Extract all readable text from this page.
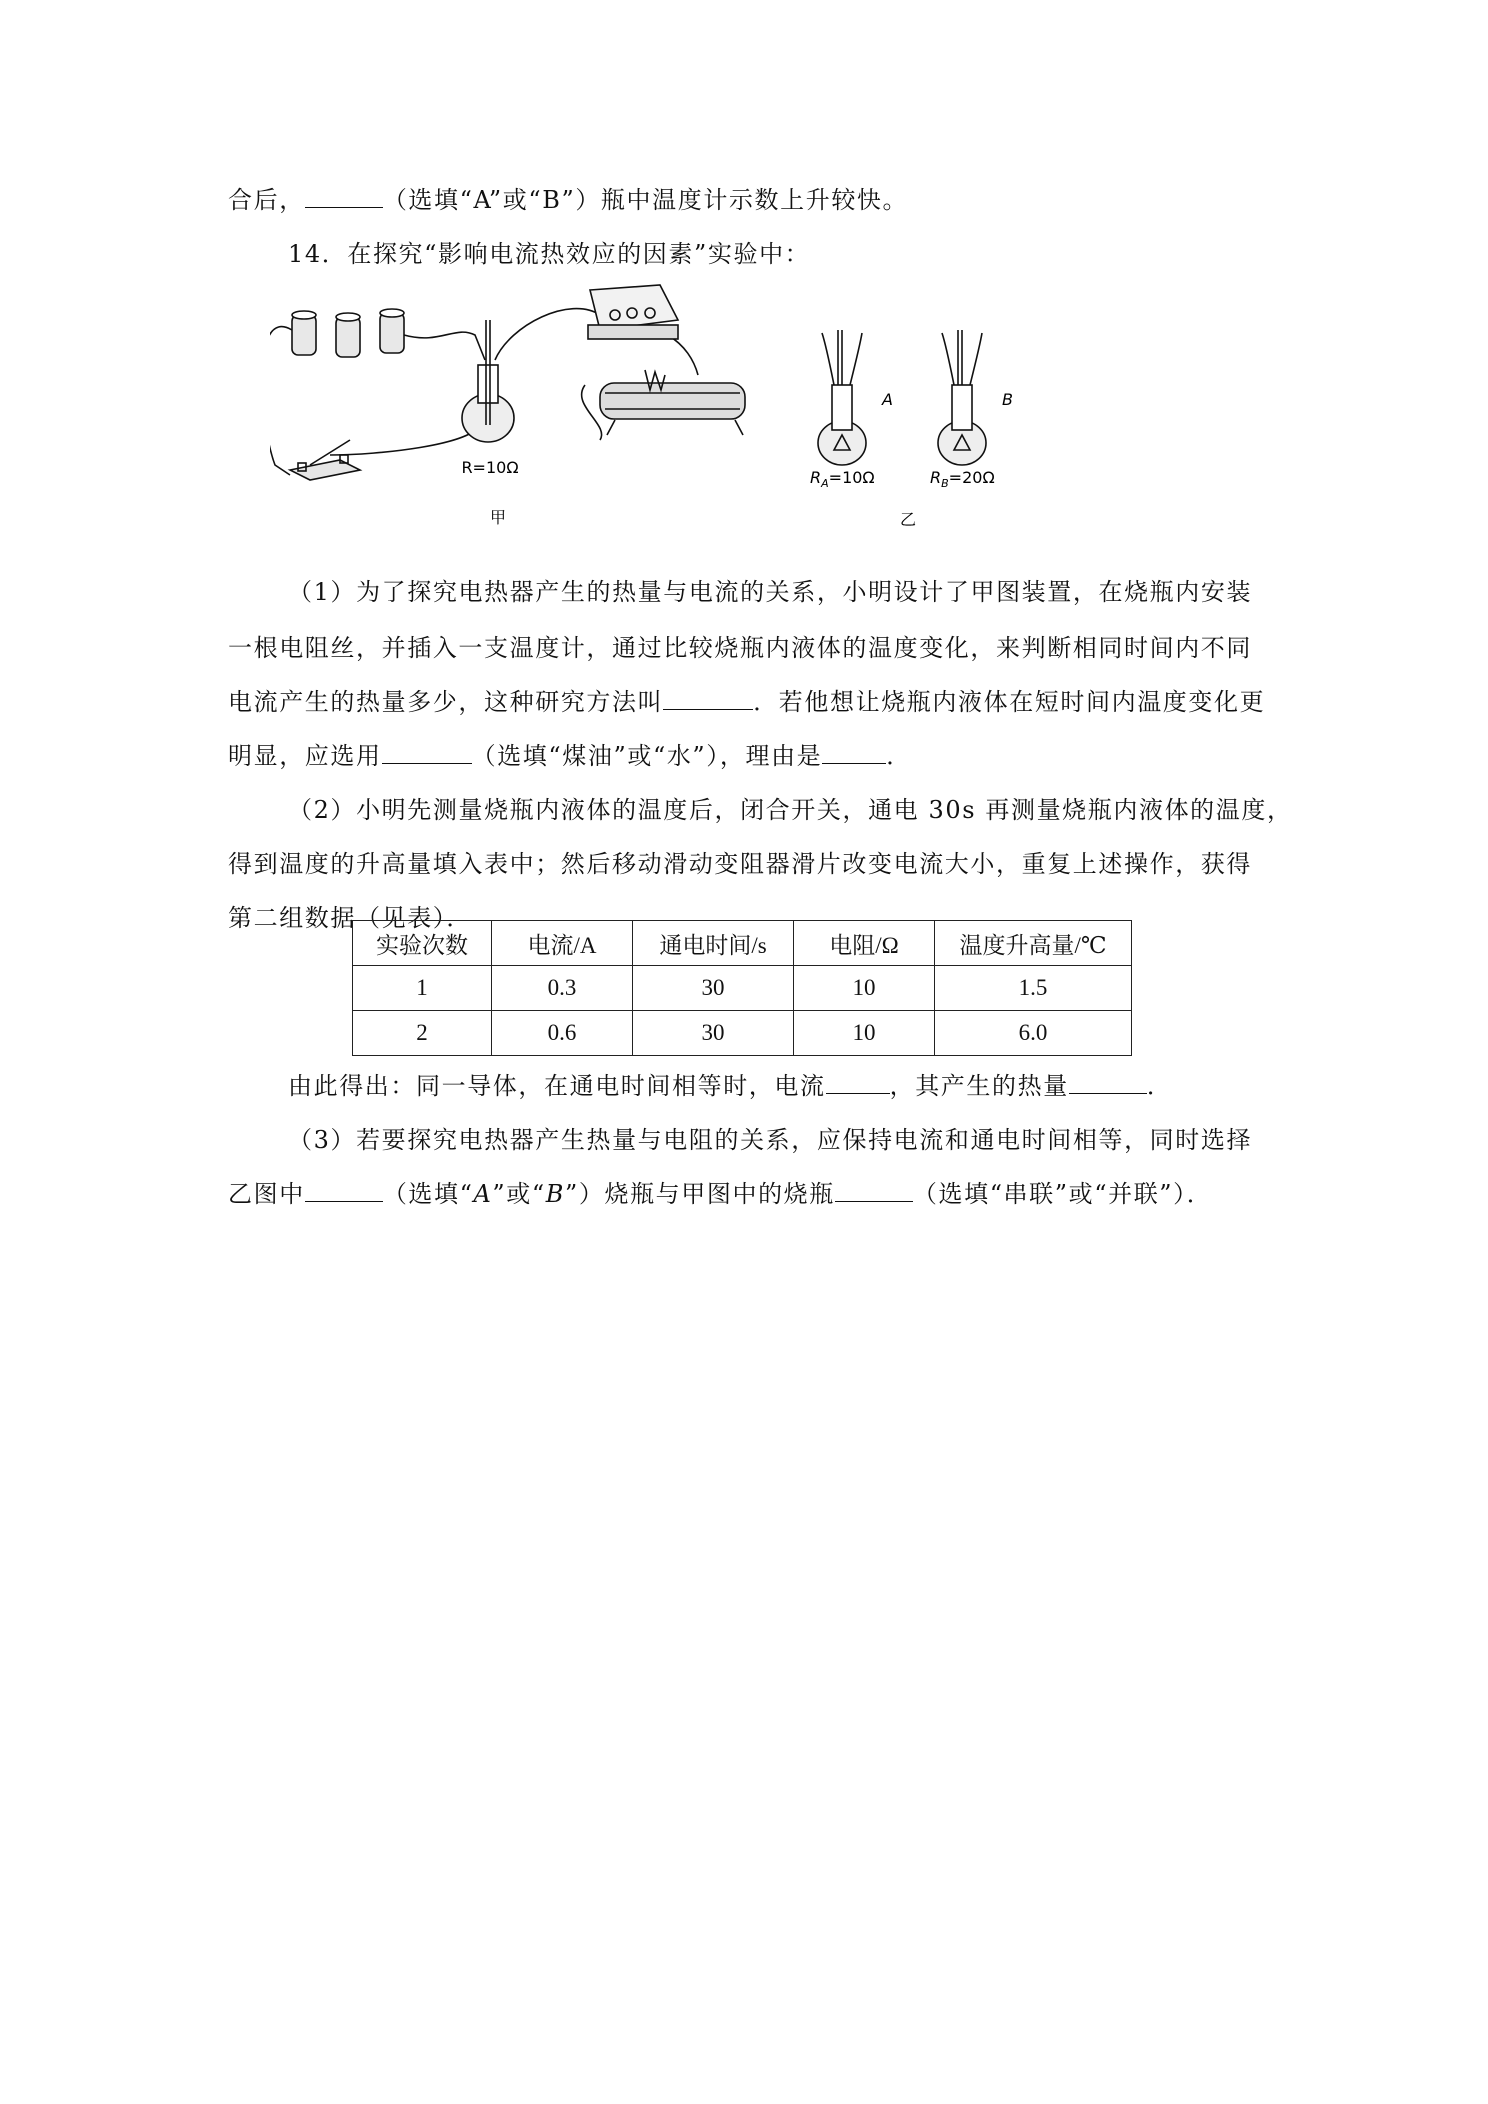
合后，	（选填“A”或“B”）瓶中温度计示数上升较快。
14．在探究“影响电流热效应的因素”实验中：
R=10Ω
A	B
$R_A=10\Omega$	$R_B=20\Omega$
甲	乙
（1）为了探究电热器产生的热量与电流的关系，小明设计了甲图装置，在烧瓶内安装
一根电阻丝，并插入一支温度计，通过比较烧瓶内液体的温度变化，来判断相同时间内不同
电流产生的热量多少，这种研究方法叫	．若他想让烧瓶内液体在短时间内温度变化更
明显，应选用	（选填“煤油”或“水”），理由是	．
（2）小明先测量烧瓶内液体的温度后，闭合开关，通电 30s 再测量烧瓶内液体的温度，
得到温度的升高量填入表中；然后移动滑动变阻器滑片改变电流大小，重复上述操作，获得
第二组数据（见表）．
实验次数	电流/A	通电时间/s	电阻/Ω	温度升高量/℃
1	0.3	30	10	1.5
2	0.6	30	10	6.0
由此得出：同一导体，在通电时间相等时，电流	，其产生的热量	．
（3）若要探究电热器产生热量与电阻的关系，应保持电流和通电时间相等，同时选择
乙图中	（选填“A”或“B”）烧瓶与甲图中的烧瓶	（选填“串联”或“并联”）．
